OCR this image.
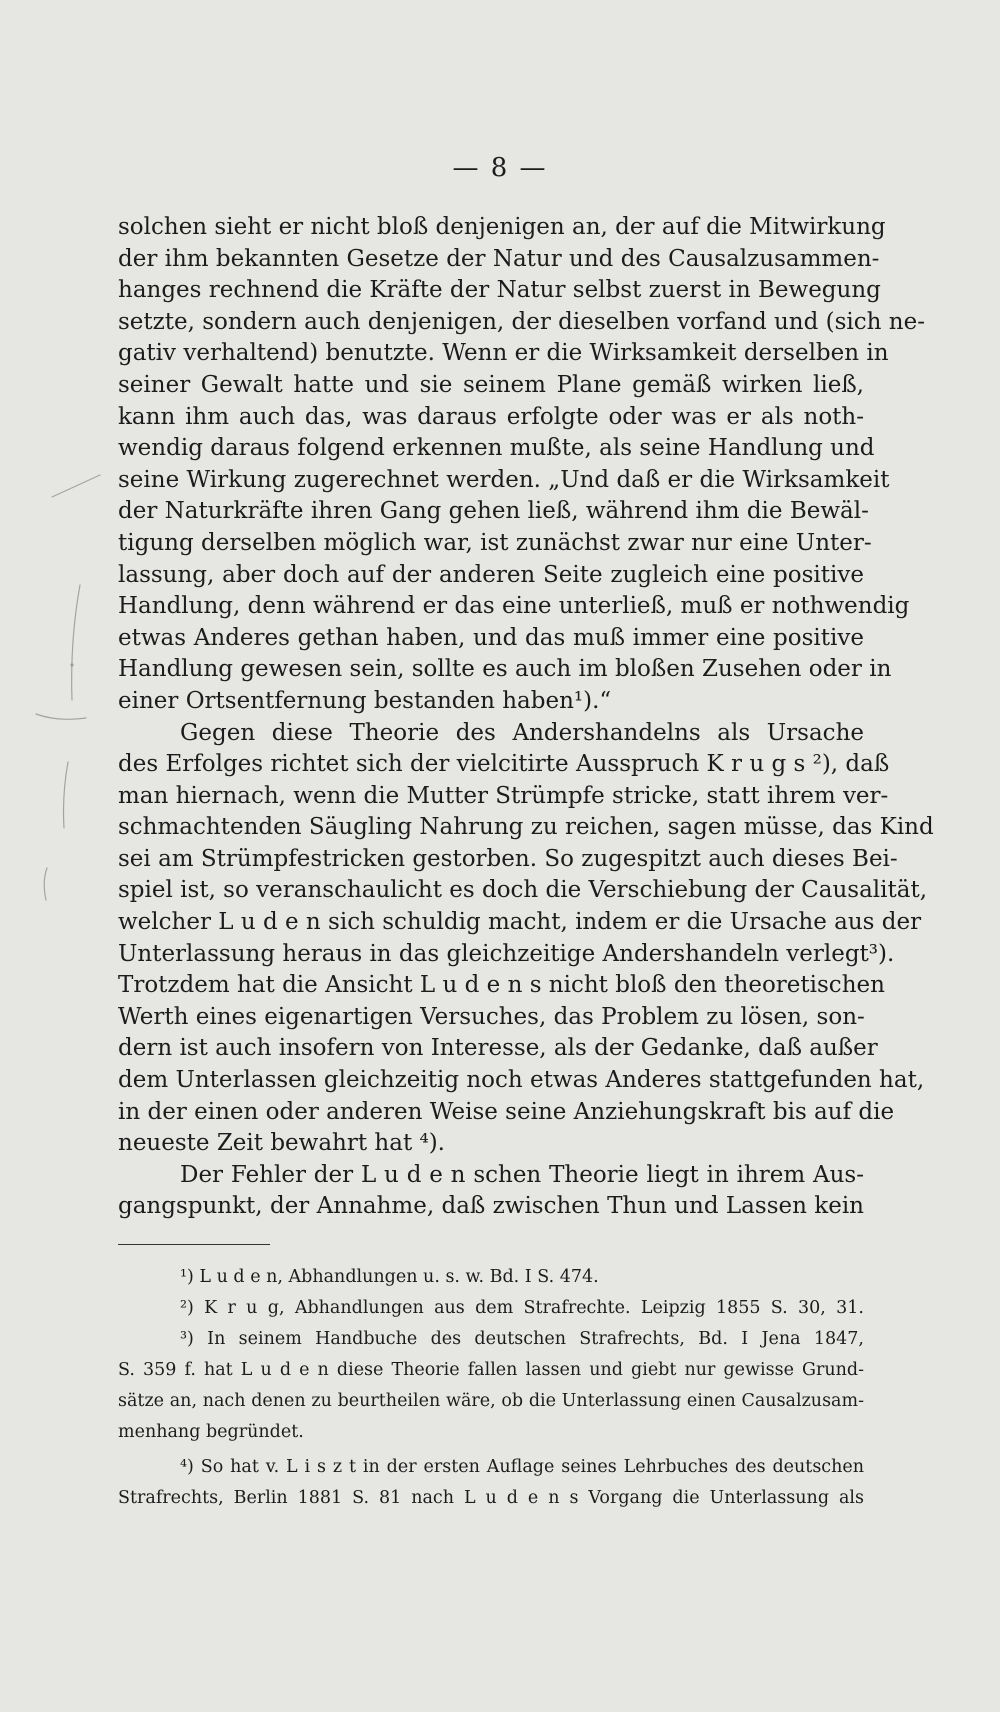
— 8 —
solchen sieht er nicht bloß denjenigen an, der auf die Mitwirkung
der ihm bekannten Gesetze der Natur und des Causalzusammen-
hanges rechnend die Kräfte der Natur selbst zuerst in Bewegung
setzte, sondern auch denjenigen, der dieselben vorfand und (sich ne-
gativ verhaltend) benutzte. Wenn er die Wirksamkeit derselben in
seiner Gewalt hatte und sie seinem Plane gemäß wirken ließ,
kann ihm auch das, was daraus erfolgte oder was er als noth-
wendig daraus folgend erkennen mußte, als seine Handlung und
seine Wirkung zugerechnet werden. „Und daß er die Wirksamkeit
der Naturkräfte ihren Gang gehen ließ, während ihm die Bewäl-
tigung derselben möglich war, ist zunächst zwar nur eine Unter-
lassung, aber doch auf der anderen Seite zugleich eine positive
Handlung, denn während er das eine unterließ, muß er nothwendig
etwas Anderes gethan haben, und das muß immer eine positive
Handlung gewesen sein, sollte es auch im bloßen Zusehen oder in
einer Ortsentfernung bestanden haben¹).“
Gegen diese Theorie des Andershandelns als Ursache
des Erfolges richtet sich der vielcitirte Ausspruch K r u g s ²), daß
man hiernach, wenn die Mutter Strümpfe stricke, statt ihrem ver-
schmachtenden Säugling Nahrung zu reichen, sagen müsse, das Kind
sei am Strümpfestricken gestorben. So zugespitzt auch dieses Bei-
spiel ist, so veranschaulicht es doch die Verschiebung der Causalität,
welcher L u d e n sich schuldig macht, indem er die Ursache aus der
Unterlassung heraus in das gleichzeitige Andershandeln verlegt³).
Trotzdem hat die Ansicht L u d e n s nicht bloß den theoretischen
Werth eines eigenartigen Versuches, das Problem zu lösen, son-
dern ist auch insofern von Interesse, als der Gedanke, daß außer
dem Unterlassen gleichzeitig noch etwas Anderes stattgefunden hat,
in der einen oder anderen Weise seine Anziehungskraft bis auf die
neueste Zeit bewahrt hat ⁴).
Der Fehler der L u d e n schen Theorie liegt in ihrem Aus-
gangspunkt, der Annahme, daß zwischen Thun und Lassen kein
¹) L u d e n, Abhandlungen u. s. w. Bd. I S. 474.
²) K r u g, Abhandlungen aus dem Strafrechte. Leipzig 1855 S. 30, 31.
³) In seinem Handbuche des deutschen Strafrechts, Bd. I Jena 1847,
S. 359 f. hat L u d e n diese Theorie fallen lassen und giebt nur gewisse Grund-
sätze an, nach denen zu beurtheilen wäre, ob die Unterlassung einen Causalzusam-
menhang begründet.
⁴) So hat v. L i s z t in der ersten Auflage seines Lehrbuches des deutschen
Strafrechts, Berlin 1881 S. 81 nach L u d e n s Vorgang die Unterlassung als
